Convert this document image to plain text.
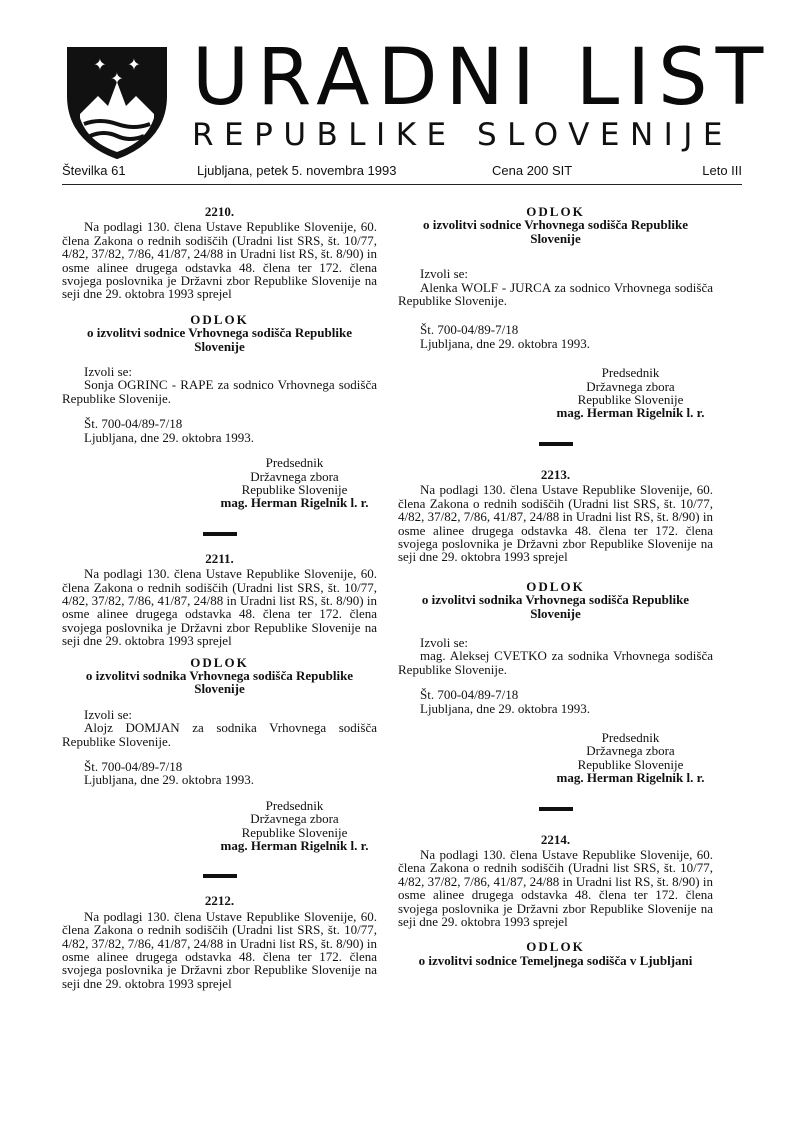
✦ ✦
✦ URADNI LIST
REPUBLIKE SLOVENIJE
Številka 61	Ljubljana, petek 5. novembra 1993	Cena 200 SIT	Leto III
2210.
Na podlagi 130. člena Ustave Republike Slovenije, 60. člena Zakona o rednih sodiščih (Uradni list SRS, št. 10/77, 4/82, 37/82, 7/86, 41/87, 24/88 in Uradni list RS, št. 8/90) in osme alinee drugega odstavka 48. člena ter 172. člena svojega poslovnika je Državni zbor Republike Slovenije na seji dne 29. oktobra 1993 sprejel
ODLOK
o izvolitvi sodnice Vrhovnega sodišča Republike Slovenije
Izvoli se:
Sonja OGRINC - RAPE za sodnico Vrhovnega sodišča Republike Slovenije.
Št. 700-04/89-7/18
Ljubljana, dne 29. oktobra 1993.
Predsednik
Državnega zbora
Republike Slovenije
mag. Herman Rigelnik l. r.
2211.
Na podlagi 130. člena Ustave Republike Slovenije, 60. člena Zakona o rednih sodiščih (Uradni list SRS, št. 10/77, 4/82, 37/82, 7/86, 41/87, 24/88 in Uradni list RS, št. 8/90) in osme alinee drugega odstavka 48. člena ter 172. člena svojega poslovnika je Državni zbor Republike Slovenije na seji dne 29. oktobra 1993 sprejel
ODLOK
o izvolitvi sodnika Vrhovnega sodišča Republike Slovenije
Izvoli se:
Alojz DOMJAN za sodnika Vrhovnega sodišča Republike Slovenije.
Št. 700-04/89-7/18
Ljubljana, dne 29. oktobra 1993.
Predsednik
Državnega zbora
Republike Slovenije
mag. Herman Rigelnik l. r.
2212.
Na podlagi 130. člena Ustave Republike Slovenije, 60. člena Zakona o rednih sodiščih (Uradni list SRS, št. 10/77, 4/82, 37/82, 7/86, 41/87, 24/88 in Uradni list RS, št. 8/90) in osme alinee drugega odstavka 48. člena ter 172. člena svojega poslovnika je Državni zbor Republike Slovenije na seji dne 29. oktobra 1993 sprejel
ODLOK
o izvolitvi sodnice Vrhovnega sodišča Republike Slovenije
Izvoli se:
Alenka WOLF - JURCA za sodnico Vrhovnega sodišča Republike Slovenije.
Št. 700-04/89-7/18
Ljubljana, dne 29. oktobra 1993.
Predsednik
Državnega zbora
Republike Slovenije
mag. Herman Rigelnik l. r.
2213.
Na podlagi 130. člena Ustave Republike Slovenije, 60. člena Zakona o rednih sodiščih (Uradni list SRS, št. 10/77, 4/82, 37/82, 7/86, 41/87, 24/88 in Uradni list RS, št. 8/90) in osme alinee drugega odstavka 48. člena ter 172. člena svojega poslovnika je Državni zbor Republike Slovenije na seji dne 29. oktobra 1993 sprejel
ODLOK
o izvolitvi sodnika Vrhovnega sodišča Republike Slovenije
Izvoli se:
mag. Aleksej CVETKO za sodnika Vrhovnega sodišča Republike Slovenije.
Št. 700-04/89-7/18
Ljubljana, dne 29. oktobra 1993.
Predsednik
Državnega zbora
Republike Slovenije
mag. Herman Rigelnik l. r.
2214.
Na podlagi 130. člena Ustave Republike Slovenije, 60. člena Zakona o rednih sodiščih (Uradni list SRS, št. 10/77, 4/82, 37/82, 7/86, 41/87, 24/88 in Uradni list RS, št. 8/90) in osme alinee drugega odstavka 48. člena ter 172. člena svojega poslovnika je Državni zbor Republike Slovenije na seji dne 29. oktobra 1993 sprejel
ODLOK
o izvolitvi sodnice Temeljnega sodišča v Ljubljani
